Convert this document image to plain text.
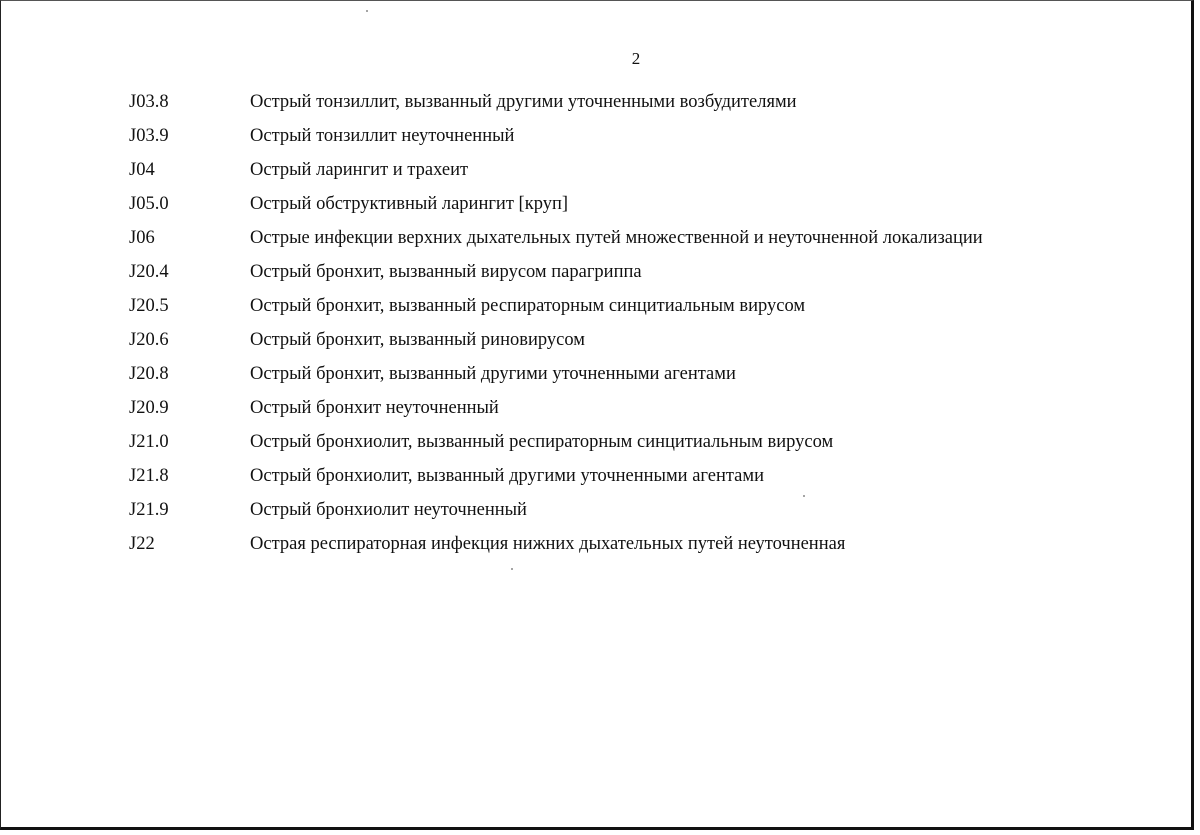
2
J03.8	Острый тонзиллит, вызванный другими уточненными возбудителями
J03.9	Острый тонзиллит неуточненный
J04	Острый ларингит и трахеит
J05.0	Острый обструктивный ларингит [круп]
J06	Острые инфекции верхних дыхательных путей множественной и неуточненной локализации
J20.4	Острый бронхит, вызванный вирусом парагриппа
J20.5	Острый бронхит, вызванный респираторным синцитиальным вирусом
J20.6	Острый бронхит, вызванный риновирусом
J20.8	Острый бронхит, вызванный другими уточненными агентами
J20.9	Острый бронхит неуточненный
J21.0	Острый бронхиолит, вызванный респираторным синцитиальным вирусом
J21.8	Острый бронхиолит, вызванный другими уточненными агентами
J21.9	Острый бронхиолит неуточненный
J22	Острая респираторная инфекция нижних дыхательных путей неуточненная
